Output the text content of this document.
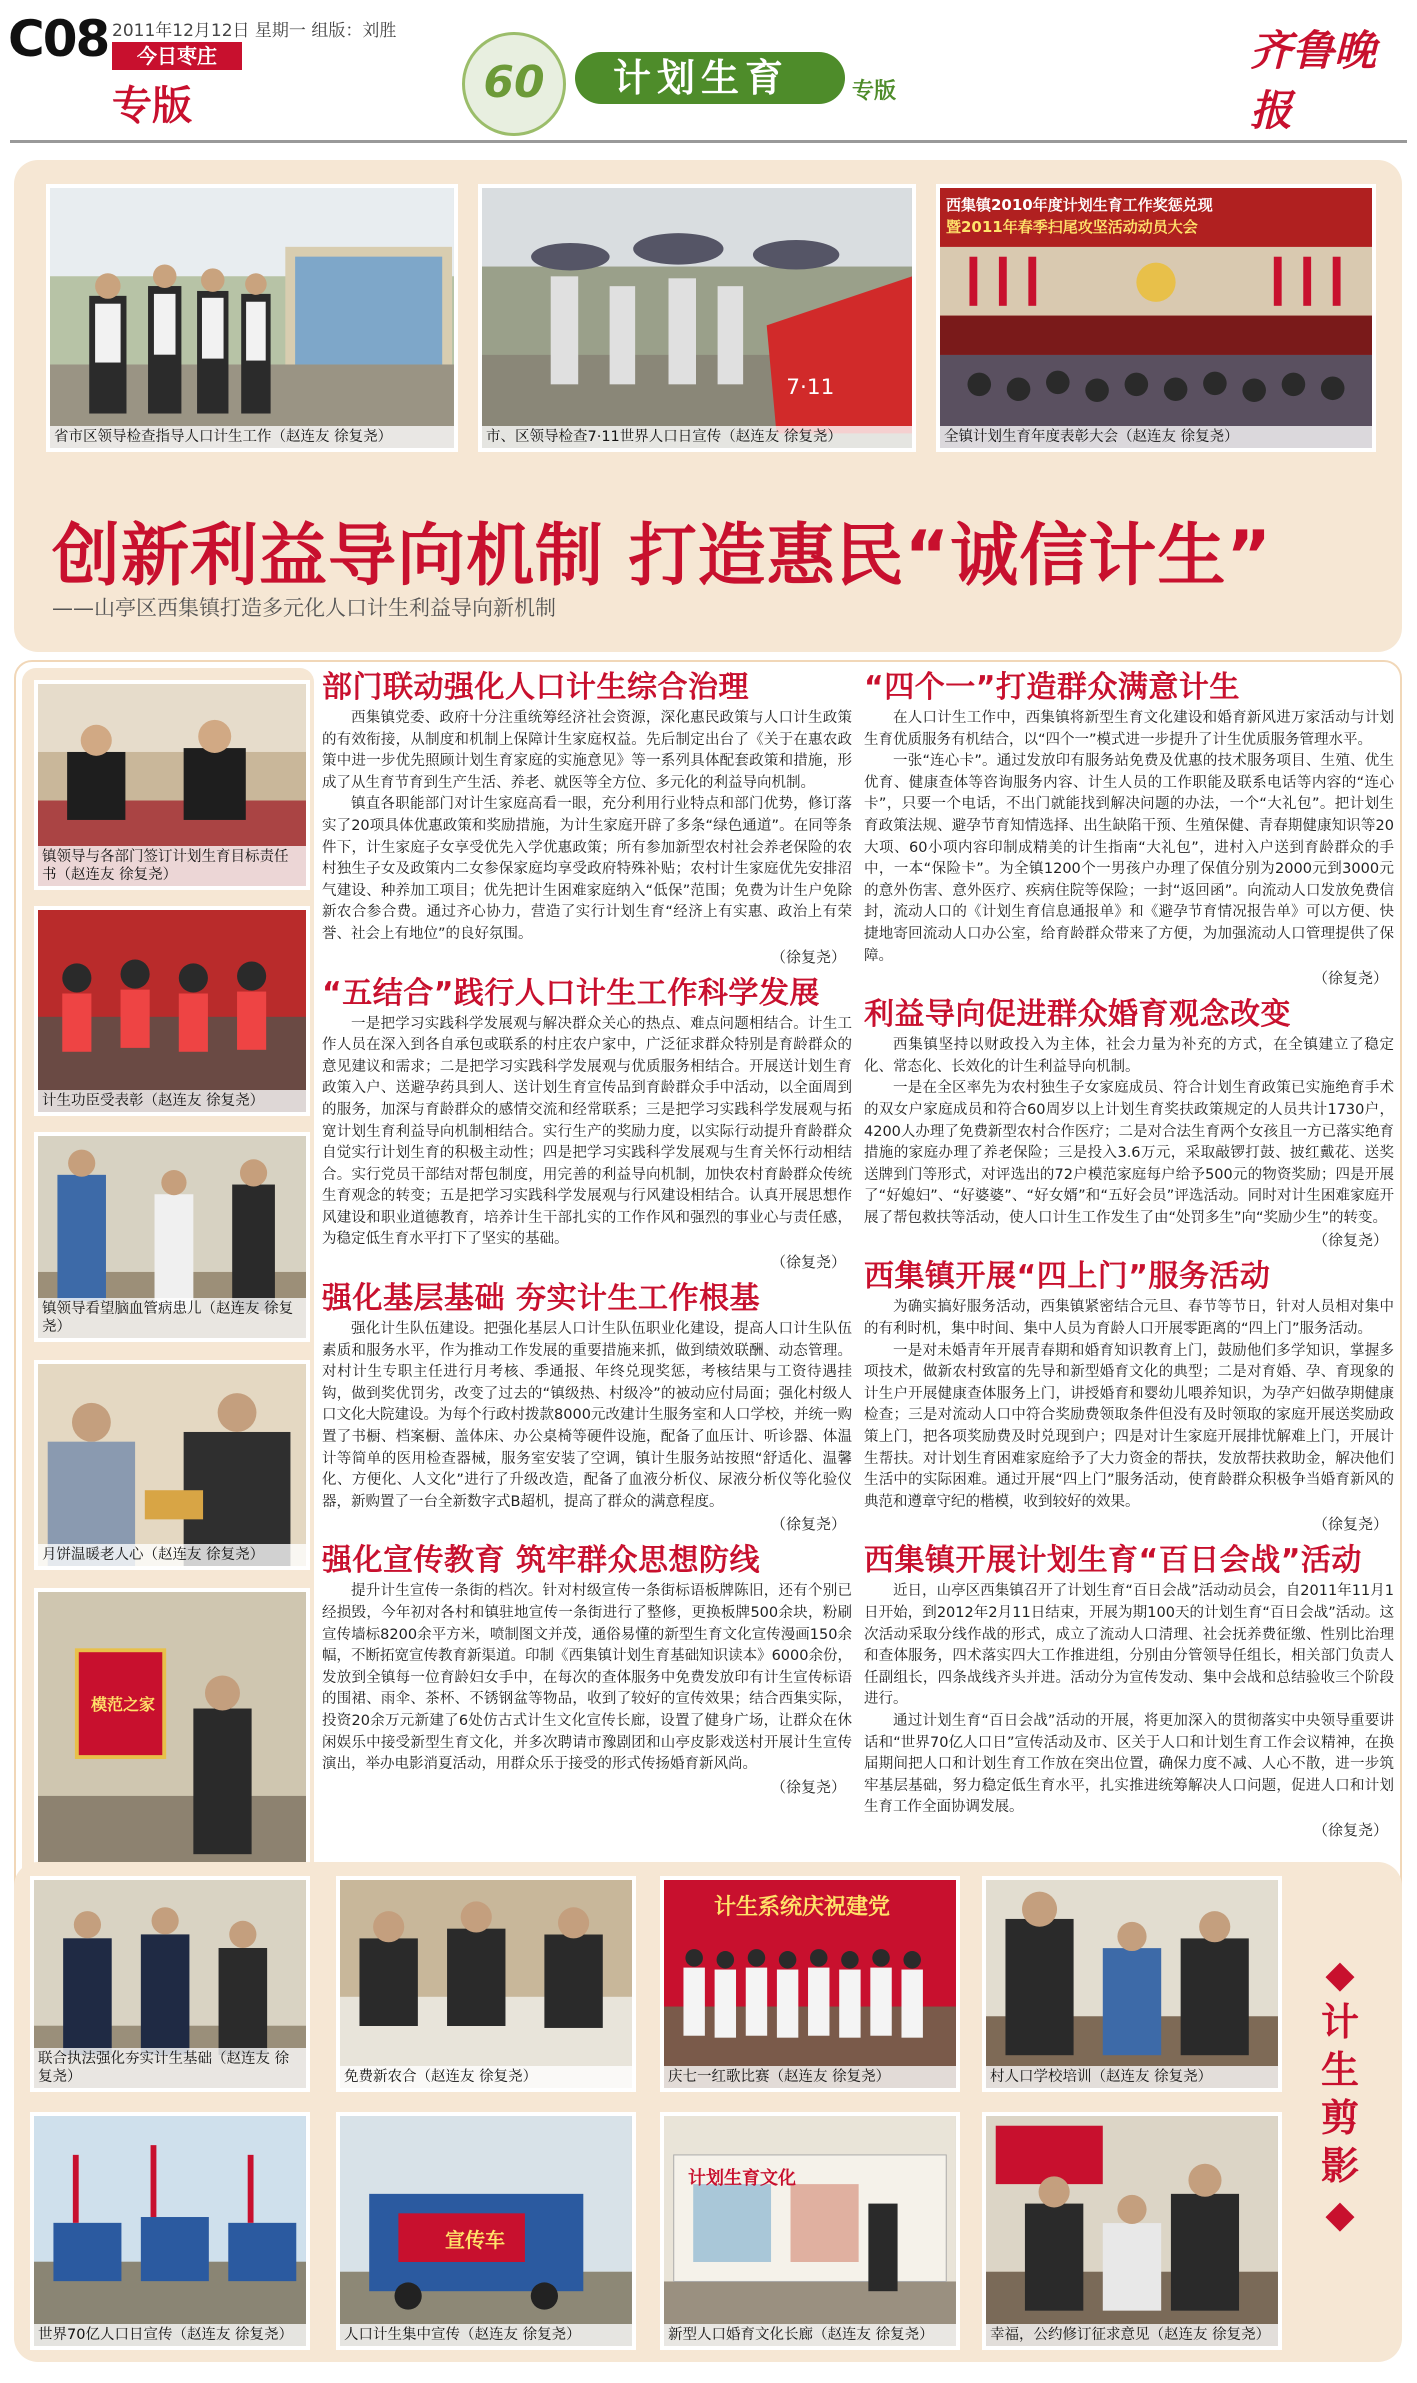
C08 2011年12月12日 星期一 组版：刘胜
今日枣庄
专版	60	计划生育	专版
齐鲁晚报
省市区领导检查指导人口计生工作（赵连友 徐复尧）
7·11
市、区领导检查7·11世界人口日宣传（赵连友 徐复尧）
西集镇2010年度计划生育工作奖惩兑现
暨2011年春季扫尾攻坚活动动员大会
全镇计划生育年度表彰大会（赵连友 徐复尧）
创新利益导向机制 打造惠民“诚信计生”
——山亭区西集镇打造多元化人口计生利益导向新机制
镇领导与各部门签订计划生育目标责任书（赵连友 徐复尧）
计生功臣受表彰（赵连友 徐复尧）
镇领导看望脑血管病患儿（赵连友 徐复尧）
月饼温暖老人心（赵连友 徐复尧）
模范之家
部门联动强化人口计生综合治理

西集镇党委、政府十分注重统筹经济社会资源，深化惠民政策与人口计生政策的有效衔接，从制度和机制上保障计生家庭权益。先后制定出台了《关于在惠农政策中进一步优先照顾计划生育家庭的实施意见》等一系列具体配套政策和措施，形成了从生育节育到生产生活、养老、就医等全方位、多元化的利益导向机制。

镇直各职能部门对计生家庭高看一眼，充分利用行业特点和部门优势，修订落实了20项具体优惠政策和奖励措施，为计生家庭开辟了多条“绿色通道”。在同等条件下，计生家庭子女享受优先入学优惠政策；所有参加新型农村社会养老保险的农村独生子女及政策内二女参保家庭均享受政府特殊补贴；农村计生家庭优先安排沼气建设、种养加工项目；优先把计生困难家庭纳入“低保”范围；免费为计生户免除新农合参合费。通过齐心协力，营造了实行计划生育“经济上有实惠、政治上有荣誉、社会上有地位”的良好氛围。

（徐复尧）
“五结合”践行人口计生工作科学发展

一是把学习实践科学发展观与解决群众关心的热点、难点问题相结合。计生工作人员在深入到各自承包或联系的村庄农户家中，广泛征求群众特别是育龄群众的意见建议和需求；二是把学习实践科学发展观与优质服务相结合。开展送计划生育政策入户、送避孕药具到人、送计划生育宣传品到育龄群众手中活动，以全面周到的服务，加深与育龄群众的感情交流和经常联系；三是把学习实践科学发展观与拓宽计划生育利益导向机制相结合。实行生产的奖励力度，以实际行动提升育龄群众自觉实行计划生育的积极主动性；四是把学习实践科学发展观与生育关怀行动相结合。实行党员干部结对帮包制度，用完善的利益导向机制，加快农村育龄群众传统生育观念的转变；五是把学习实践科学发展观与行风建设相结合。认真开展思想作风建设和职业道德教育，培养计生干部扎实的工作作风和强烈的事业心与责任感，为稳定低生育水平打下了坚实的基础。

（徐复尧）
强化基层基础 夯实计生工作根基

强化计生队伍建设。把强化基层人口计生队伍职业化建设，提高人口计生队伍素质和服务水平，作为推动工作发展的重要措施来抓，做到绩效联酬、动态管理。对村计生专职主任进行月考核、季通报、年终兑现奖惩，考核结果与工资待遇挂钩，做到奖优罚劣，改变了过去的“镇级热、村级冷”的被动应付局面；强化村级人口文化大院建设。为每个行政村拨款8000元改建计生服务室和人口学校，并统一购置了书橱、档案橱、盖体床、办公桌椅等硬件设施，配备了血压计、听诊器、体温计等简单的医用检查器械，服务室安装了空调，镇计生服务站按照“舒适化、温馨化、方便化、人文化”进行了升级改造，配备了血液分析仪、尿液分析仪等化验仪器，新购置了一台全新数字式B超机，提高了群众的满意程度。

（徐复尧）
强化宣传教育 筑牢群众思想防线

提升计生宣传一条街的档次。针对村级宣传一条街标语板牌陈旧，还有个别已经损毁，今年初对各村和镇驻地宣传一条街进行了整修，更换板牌500余块，粉刷宣传墙标8200余平方米，喷制图文并茂，通俗易懂的新型生育文化宣传漫画150余幅，不断拓宽宣传教育新渠道。印制《西集镇计划生育基础知识读本》6000余份，发放到全镇每一位育龄妇女手中，在每次的查体服务中免费发放印有计生宣传标语的围裙、雨伞、茶杯、不锈钢盆等物品，收到了较好的宣传效果；结合西集实际，投资20余万元新建了6处仿古式计生文化宣传长廊，设置了健身广场，让群众在休闲娱乐中接受新型生育文化，并多次聘请市豫剧团和山亭皮影戏送村开展计生宣传演出，举办电影消夏活动，用群众乐于接受的形式传扬婚育新风尚。

（徐复尧）
“四个一”打造群众满意计生

在人口计生工作中，西集镇将新型生育文化建设和婚育新风进万家活动与计划生育优质服务有机结合，以“四个一”模式进一步提升了计生优质服务管理水平。

一张“连心卡”。通过发放印有服务站免费及优惠的技术服务项目、生殖、优生优育、健康查体等咨询服务内容、计生人员的工作职能及联系电话等内容的“连心卡”，只要一个电话，不出门就能找到解决问题的办法，一个“大礼包”。把计划生育政策法规、避孕节育知情选择、出生缺陷干预、生殖保健、青春期健康知识等20大项、60小项内容印制成精美的计生指南“大礼包”，进村入户送到育龄群众的手中，一本“保险卡”。为全镇1200个一男孩户办理了保值分别为2000元到3000元的意外伤害、意外医疗、疾病住院等保险；一封“返回函”。向流动人口发放免费信封，流动人口的《计划生育信息通报单》和《避孕节育情况报告单》可以方便、快捷地寄回流动人口办公室，给育龄群众带来了方便，为加强流动人口管理提供了保障。

（徐复尧）
利益导向促进群众婚育观念改变

西集镇坚持以财政投入为主体，社会力量为补充的方式，在全镇建立了稳定化、常态化、长效化的计生利益导向机制。

一是在全区率先为农村独生子女家庭成员、符合计划生育政策已实施绝育手术的双女户家庭成员和符合60周岁以上计划生育奖扶政策规定的人员共计1730户，4200人办理了免费新型农村合作医疗；二是对合法生育两个女孩且一方已落实绝育措施的家庭办理了养老保险；三是投入3.6万元，采取敲锣打鼓、披红戴花、送奖送牌到门等形式，对评选出的72户模范家庭每户给予500元的物资奖励；四是开展了“好媳妇”、“好婆婆”、“好女婿”和“五好会员”评选活动。同时对计生困难家庭开展了帮包救扶等活动，使人口计生工作发生了由“处罚多生”向“奖励少生”的转变。

（徐复尧）
西集镇开展“四上门”服务活动

为确实搞好服务活动，西集镇紧密结合元旦、春节等节日，针对人员相对集中的有利时机，集中时间、集中人员为育龄人口开展零距离的“四上门”服务活动。

一是对未婚青年开展青春期和婚育知识教育上门，鼓励他们多学知识，掌握多项技术，做新农村致富的先导和新型婚育文化的典型；二是对育婚、孕、育现象的计生户开展健康查体服务上门，讲授婚育和婴幼儿喂养知识，为孕产妇做孕期健康检查；三是对流动人口中符合奖励费领取条件但没有及时领取的家庭开展送奖励政策上门，把各项奖励费及时兑现到户；四是对计生家庭开展排忧解难上门，开展计生帮扶。对计划生育困难家庭给予了大力资金的帮扶，发放帮扶救助金，解决他们生活中的实际困难。通过开展“四上门”服务活动，使育龄群众积极争当婚育新风的典范和遵章守纪的楷模，收到较好的效果。

（徐复尧）
西集镇开展计划生育“百日会战”活动

近日，山亭区西集镇召开了计划生育“百日会战”活动动员会，自2011年11月1日开始，到2012年2月11日结束，开展为期100天的计划生育“百日会战”活动。这次活动采取分线作战的形式，成立了流动人口清理、社会抚养费征缴、性别比治理和查体服务，四术落实四大工作推进组，分别由分管领导任组长，相关部门负责人任副组长，四条战线齐头并进。活动分为宣传发动、集中会战和总结验收三个阶段进行。

通过计划生育“百日会战”活动的开展，将更加深入的贯彻落实中央领导重要讲话和“世界70亿人口日”宣传活动及市、区关于人口和计划生育工作会议精神，在换届期间把人口和计划生育工作放在突出位置，确保力度不减、人心不散，进一步筑牢基层基础，努力稳定低生育水平，扎实推进统筹解决人口问题，促进人口和计划生育工作全面协调发展。

（徐复尧）
联合执法强化夯实计生基础（赵连友 徐复尧）	免费新农合（赵连友 徐复尧）
计生系统庆祝建党
庆七一红歌比赛（赵连友 徐复尧）	村人口学校培训（赵连友 徐复尧）
世界70亿人口日宣传（赵连友 徐复尧）
宣传车
人口计生集中宣传（赵连友 徐复尧）
计划生育文化
新型人口婚育文化长廊（赵连友 徐复尧）	幸福，公约修订征求意见（赵连友 徐复尧）
◆计生剪影◆
